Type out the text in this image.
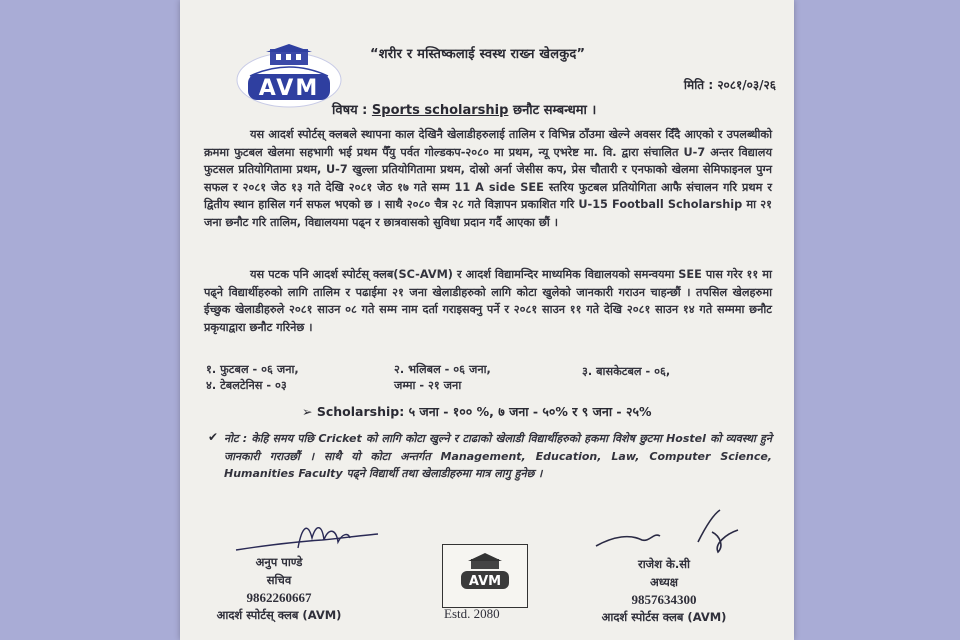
“शरीर र मस्तिष्कलाई स्वस्थ राख्न खेलकुद”
AVM	मिति : २०८१/०३/२६
विषय : Sports scholarship छनौट सम्बन्धमा ।
यस आदर्श स्पोर्टस् क्लबले स्थापना काल देखिनै खेलाडीहरुलाई तालिम र विभिन्न ठाँउमा खेल्ने अवसर दिँदै आएको र उपलब्धीको क्रममा फुटबल खेलमा सहभागी भई प्रथम पैँयु पर्वत गोल्डकप-२०८० मा प्रथम, न्यू एभरेष्ट मा. वि. द्वारा संचालित U-7 अन्तर विद्यालय फुटसल प्रतियोगितामा प्रथम, U-7 खुल्ला प्रतियोगितामा प्रथम, दोस्रो अर्ना जेसीस कप, प्रेस चौतारी र एनफाको खेलमा सेमिफाइनल पुग्न सफल र २०८१ जेठ १३ गते देखि २०८१ जेठ १७ गते सम्म 11 A side SEE स्तरिय फुटबल प्रतियोगिता आफै संचालन गरि प्रथम र द्वितीय स्थान हासिल गर्न सफल भएको छ । साथै २०८० चैत्र २८ गते विज्ञापन प्रकाशित गरि U-15 Football Scholarship मा २१ जना छनौट गरि तालिम, विद्यालयमा पढ्न र छात्रवासको सुविधा प्रदान गर्दै आएका छौं ।
यस पटक पनि आदर्श स्पोर्टस् क्लब(SC-AVM) र आदर्श विद्यामन्दिर माध्यमिक विद्यालयको समन्वयमा SEE पास गरेर ११ मा पढ्ने विद्यार्थीहरुको लागि तालिम र पढाईमा २१ जना खेलाडीहरुको लागि कोटा खुलेको जानकारी गराउन चाहन्छौं । तपसिल खेलहरुमा ईच्छुक खेलाडीहरुले २०८१ साउन ०८ गते सम्म नाम दर्ता गराइसक्नु पर्ने र २०८१ साउन ११ गते देखि २०८१ साउन १४ गते सम्ममा छनौट प्रकृयाद्वारा छनौट गरिनेछ ।
१. फुटबल - ०६ जना,	२. भलिबल - ०६ जना,	३. बासकेटबल - ०६,
४. टेबलटेनिस - ०३	जम्मा - २१ जना
➢ Scholarship: ५ जना - १०० %, ७ जना - ५०% र ९ जना - २५%
✔ नोट : केहि समय पछि Cricket को लागि कोटा खुल्ने र टाढाको खेलाडी विद्यार्थीहरुको हकमा विशेष छुटमा Hostel को व्यवस्था हुने जानकारी गराउछौं । साथै यो कोटा अन्तर्गत Management, Education, Law, Computer Science, Humanities Faculty पढ्ने विद्यार्थी तथा खेलाडीहरुमा मात्र लागु हुनेछ ।
अनुप पाण्डे
सचिव
9862260667
आदर्श स्पोर्टस् क्लब (AVM)
AVM
Estd. 2080
राजेश के.सी
अध्यक्ष
9857634300
आदर्श स्पोर्टस क्लब (AVM)
